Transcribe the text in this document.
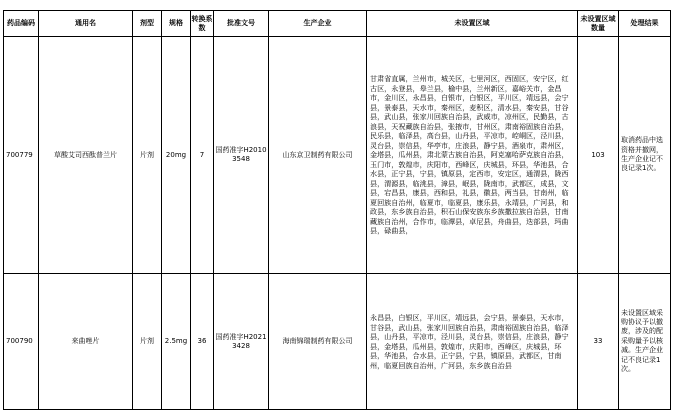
药品编码	通用名	剂型	规格	转换系数	批准文号	生产企业	未设置区域	未设置区域数量	处理结果
700779	草酸艾司西酞普兰片	片剂	20mg	7	国药准字H20103548	山东京卫制药有限公司	甘肃省直属，兰州市，城关区，七里河区，西固区，安宁区，红古区，永登县，皋兰县，榆中县，兰州新区，嘉峪关市，金昌市，金川区，永昌县，白银市，白银区，平川区，靖远县，会宁县，景泰县，天水市，秦州区，麦积区，清水县，秦安县，甘谷县，武山县，张家川回族自治县，武威市，凉州区，民勤县，古浪县，天祝藏族自治县，张掖市，甘州区，肃南裕固族自治县，民乐县，临泽县，高台县，山丹县，平凉市，崆峒区，泾川县，灵台县，崇信县，华亭市，庄浪县，静宁县，酒泉市，肃州区，金塔县，瓜州县，肃北蒙古族自治县，阿克塞哈萨克族自治县，玉门市，敦煌市，庆阳市，西峰区，庆城县，环县，华池县，合水县，正宁县，宁县，镇原县，定西市，安定区，通渭县，陇西县，渭源县，临洮县，漳县，岷县，陇南市，武都区，成县，文县，宕昌县，康县，西和县，礼县，徽县，两当县，甘南州，临夏回族自治州，临夏市，临夏县，康乐县，永靖县，广河县，和政县，东乡族自治县，积石山保安族东乡族撒拉族自治县，甘南藏族自治州，合作市，临潭县，卓尼县，舟曲县，迭部县，玛曲县，碌曲县，	103	取消药品中选资格并撤网，生产企业记不良记录1次。
700790	来曲唑片	片剂	2.5mg	36	国药准字H20213428	海南锦瑞制药有限公司	永昌县，白银区，平川区，靖远县，会宁县，景泰县，天水市，甘谷县，武山县，张家川回族自治县，肃南裕固族自治县，临泽县，山丹县，平凉市，泾川县，灵台县，崇信县，庄浪县，静宁县，金塔县，瓜州县，敦煌市，庆阳市，西峰区，庆城县，环县，华池县，合水县，正宁县，宁县，镇原县，武都区，甘南州，临夏回族自治州，广河县，东乡族自治县	33	未设置区域采购协议予以撤废，涉及的配采购量予以核减。生产企业记不良记录1次。
